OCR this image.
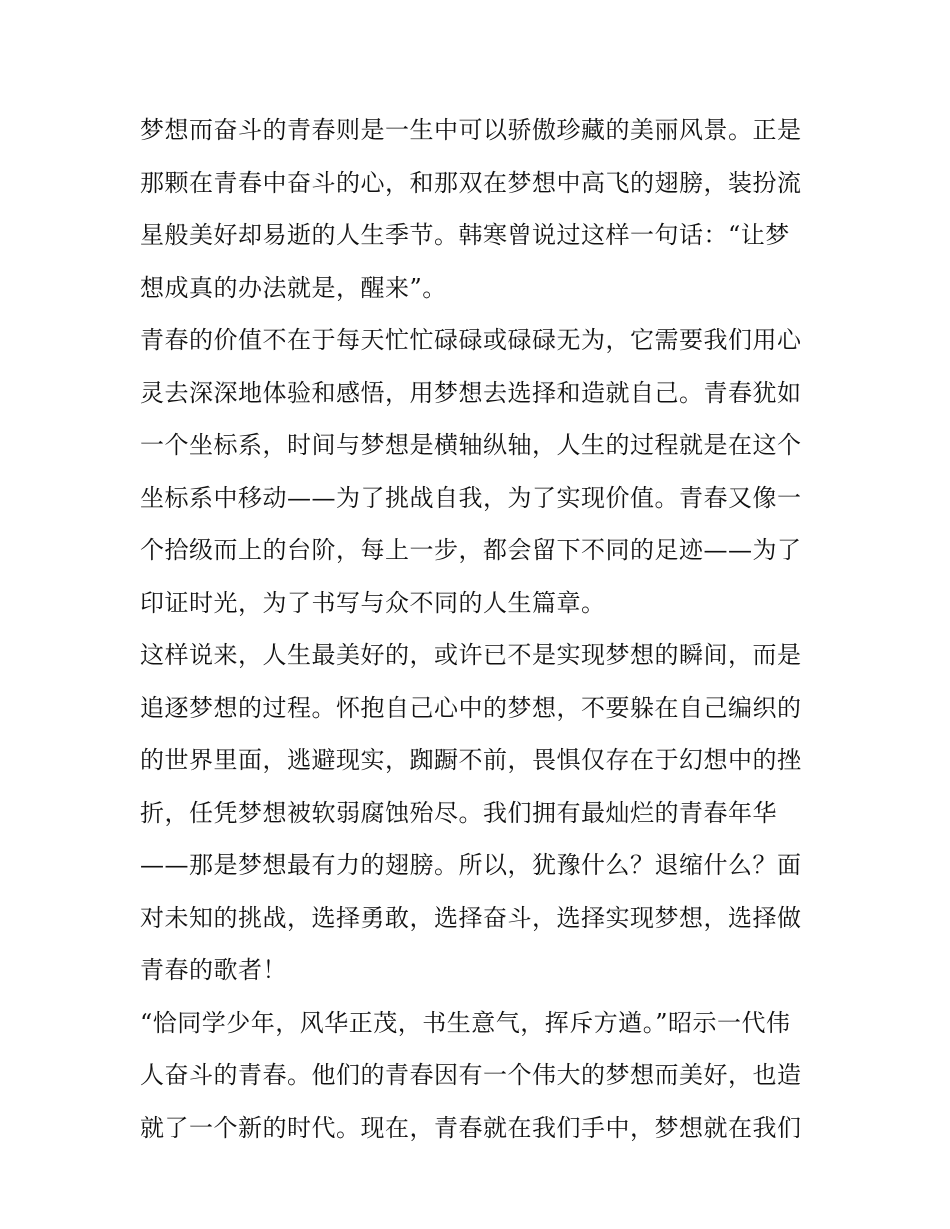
梦想而奋斗的青春则是一生中可以骄傲珍藏的美丽风景。正是
那颗在青春中奋斗的心，和那双在梦想中高飞的翅膀，装扮流
星般美好却易逝的人生季节。韩寒曾说过这样一句话：“让梦
想成真的办法就是，醒来”。
青春的价值不在于每天忙忙碌碌或碌碌无为，它需要我们用心
灵去深深地体验和感悟，用梦想去选择和造就自己。青春犹如
一个坐标系，时间与梦想是横轴纵轴，人生的过程就是在这个
坐标系中移动——为了挑战自我，为了实现价值。青春又像一
个拾级而上的台阶，每上一步，都会留下不同的足迹——为了
印证时光，为了书写与众不同的人生篇章。
这样说来，人生最美好的，或许已不是实现梦想的瞬间，而是
追逐梦想的过程。怀抱自己心中的梦想，不要躲在自己编织的
的世界里面，逃避现实，踟蹰不前，畏惧仅存在于幻想中的挫
折，任凭梦想被软弱腐蚀殆尽。我们拥有最灿烂的青春年华
——那是梦想最有力的翅膀。所以，犹豫什么？退缩什么？面
对未知的挑战，选择勇敢，选择奋斗，选择实现梦想，选择做
青春的歌者！
“恰同学少年，风华正茂，书生意气，挥斥方遒。”昭示一代伟
人奋斗的青春。他们的青春因有一个伟大的梦想而美好，也造
就了一个新的时代。现在，青春就在我们手中，梦想就在我们
